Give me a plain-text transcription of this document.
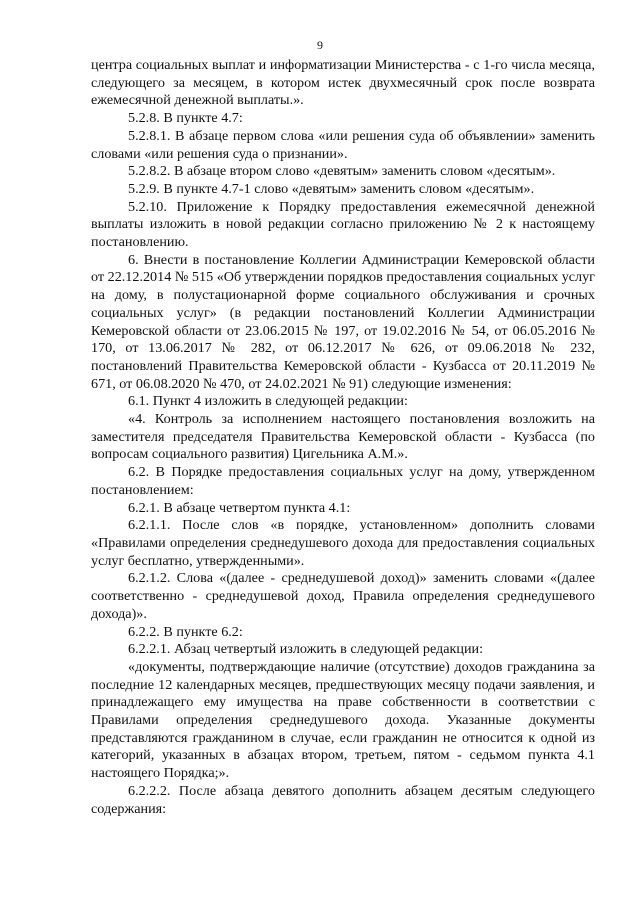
9

центра социальных выплат и информатизации Министерства - с 1-го числа месяца, следующего за месяцем, в котором истек двухмесячный срок после возврата ежемесячной денежной выплаты.».

5.2.8. В пункте 4.7:

5.2.8.1. В абзаце первом слова «или решения суда об объявлении» заменить словами «или решения суда о признании».

5.2.8.2. В абзаце втором слово «девятым» заменить словом «десятым».

5.2.9. В пункте 4.7-1 слово «девятым» заменить словом «десятым».

5.2.10. Приложение к Порядку предоставления ежемесячной денежной выплаты изложить в новой редакции согласно приложению № 2 к настоящему постановлению.

6. Внести в постановление Коллегии Администрации Кемеровской области от 22.12.2014 № 515 «Об утверждении порядков предоставления социальных услуг на дому, в полустационарной форме социального обслуживания и срочных социальных услуг» (в редакции постановлений Коллегии Администрации Кемеровской области от 23.06.2015 № 197, от 19.02.2016 № 54, от 06.05.2016 № 170, от 13.06.2017 № 282, от 06.12.2017 № 626, от 09.06.2018 № 232, постановлений Правительства Кемеровской области - Кузбасса от 20.11.2019 № 671, от 06.08.2020 № 470, от 24.02.2021 № 91) следующие изменения:

6.1. Пункт 4 изложить в следующей редакции:

«4. Контроль за исполнением настоящего постановления возложить на заместителя председателя Правительства Кемеровской области - Кузбасса (по вопросам социального развития) Цигельника А.М.».

6.2. В Порядке предоставления социальных услуг на дому, утвержденном постановлением:

6.2.1. В абзаце четвертом пункта 4.1:

6.2.1.1. После слов «в порядке, установленном» дополнить словами «Правилами определения среднедушевого дохода для предоставления социальных услуг бесплатно, утвержденными».

6.2.1.2. Слова «(далее - среднедушевой доход)» заменить словами «(далее соответственно - среднедушевой доход, Правила определения среднедушевого дохода)».

6.2.2. В пункте 6.2:

6.2.2.1. Абзац четвертый изложить в следующей редакции:

«документы, подтверждающие наличие (отсутствие) доходов гражданина за последние 12 календарных месяцев, предшествующих месяцу подачи заявления, и принадлежащего ему имущества на праве собственности в соответствии с Правилами определения среднедушевого дохода. Указанные документы представляются гражданином в случае, если гражданин не относится к одной из категорий, указанных в абзацах втором, третьем, пятом - седьмом пункта 4.1 настоящего Порядка;».

6.2.2.2. После абзаца девятого дополнить абзацем десятым следующего содержания:
